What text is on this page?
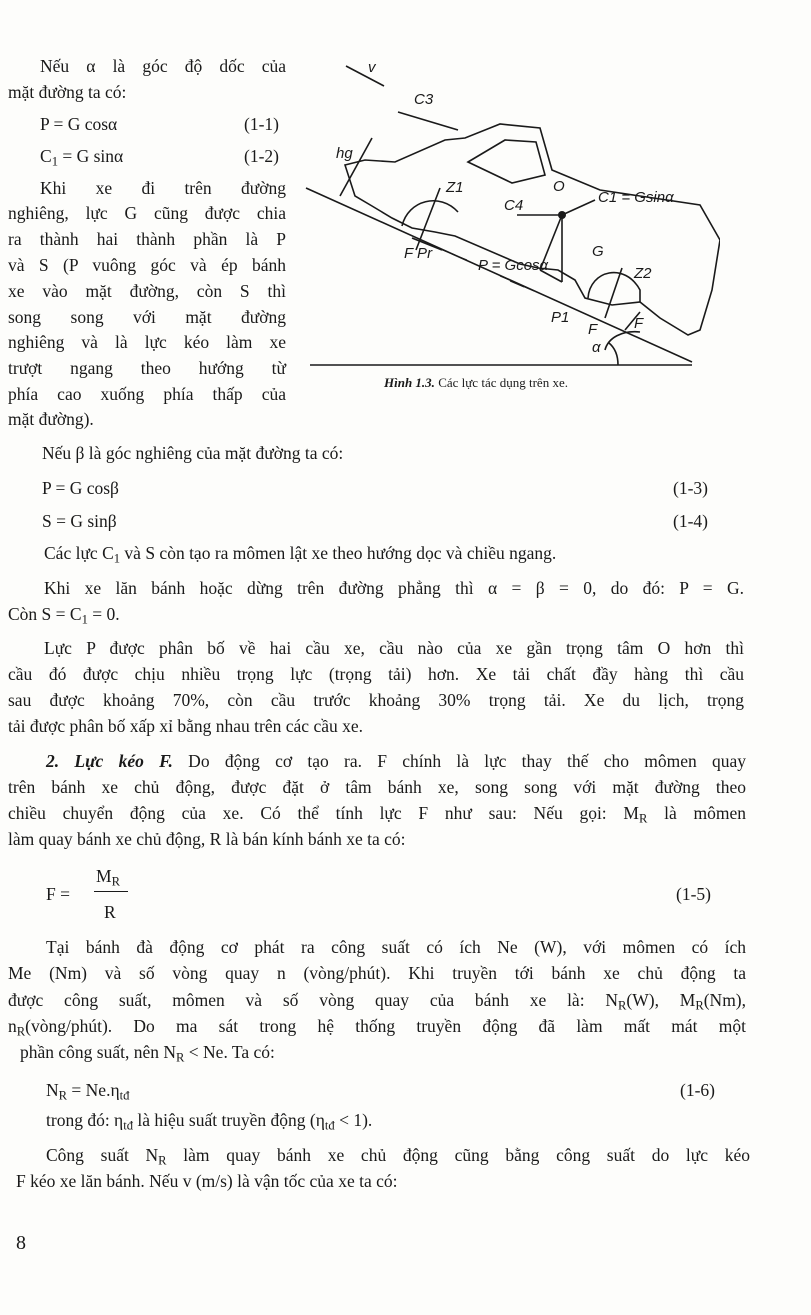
Nếu α là góc độ dốc của
mặt đường ta có:
P = G cosα	(1-1)
$C_1 = G$ sinα	(1-2)
Khi xe đi trên đường
nghiêng, lực G cũng được chia
ra thành hai thành phần là P
và S (P vuông góc và ép bánh
xe vào mặt đường, còn S thì
song song với mặt đường
nghiêng và là lực kéo làm xe
trượt ngang theo hướng từ
phía cao xuống phía thấp của
mặt đường).
v
C3
hg
Z1
C4
O
C1 = Gsinα
G
Z2
F Pr
P = Gcosα
P1
F F
α
Hình 1.3. Các lực tác dụng trên xe.
Nếu β là góc nghiêng của mặt đường ta có:
P = G cosβ	(1-3)
S = G sinβ	(1-4)
Các lực $C_1$ và S còn tạo ra mômen lật xe theo hướng dọc và chiều ngang.
Khi xe lăn bánh hoặc dừng trên đường phẳng thì α = β = 0, do đó: P = G.
Còn $S = C_1 = 0$.
Lực P được phân bố về hai cầu xe, cầu nào của xe gần trọng tâm O hơn thì
cầu đó được chịu nhiều trọng lực (trọng tải) hơn. Xe tải chất đầy hàng thì cầu
sau được khoảng 70%, còn cầu trước khoảng 30% trọng tải. Xe du lịch, trọng
tải được phân bố xấp xỉ bằng nhau trên các cầu xe.
2. Lực kéo F. Do động cơ tạo ra. F chính là lực thay thế cho mômen quay
trên bánh xe chủ động, được đặt ở tâm bánh xe, song song với mặt đường theo
chiều chuyển động của xe. Có thể tính lực F như sau: Nếu gọi: $M_R$ là mômen
làm quay bánh xe chủ động, R là bán kính bánh xe ta có:
F =
$M_R$
R
(1-5)
Tại bánh đà động cơ phát ra công suất có ích Ne (W), với mômen có ích
Me (Nm) và số vòng quay n (vòng/phút). Khi truyền tới bánh xe chủ động ta
được công suất, mômen và số vòng quay của bánh xe là: $N_R(W)$, $M_R(Nm)$,
$n_R(vòng/phút)$. Do ma sát trong hệ thống truyền động đã làm mất mát một
phần công suất, nên $N_R < Ne$. Ta có:
$N_R = Ne.\eta_{tđ}$	(1-6)
trong đó: $\eta_{tđ}$ là hiệu suất truyền động $(\eta_{tđ} < 1)$.
Công suất $N_R$ làm quay bánh xe chủ động cũng bằng công suất do lực kéo
F kéo xe lăn bánh. Nếu v (m/s) là vận tốc của xe ta có:
8
